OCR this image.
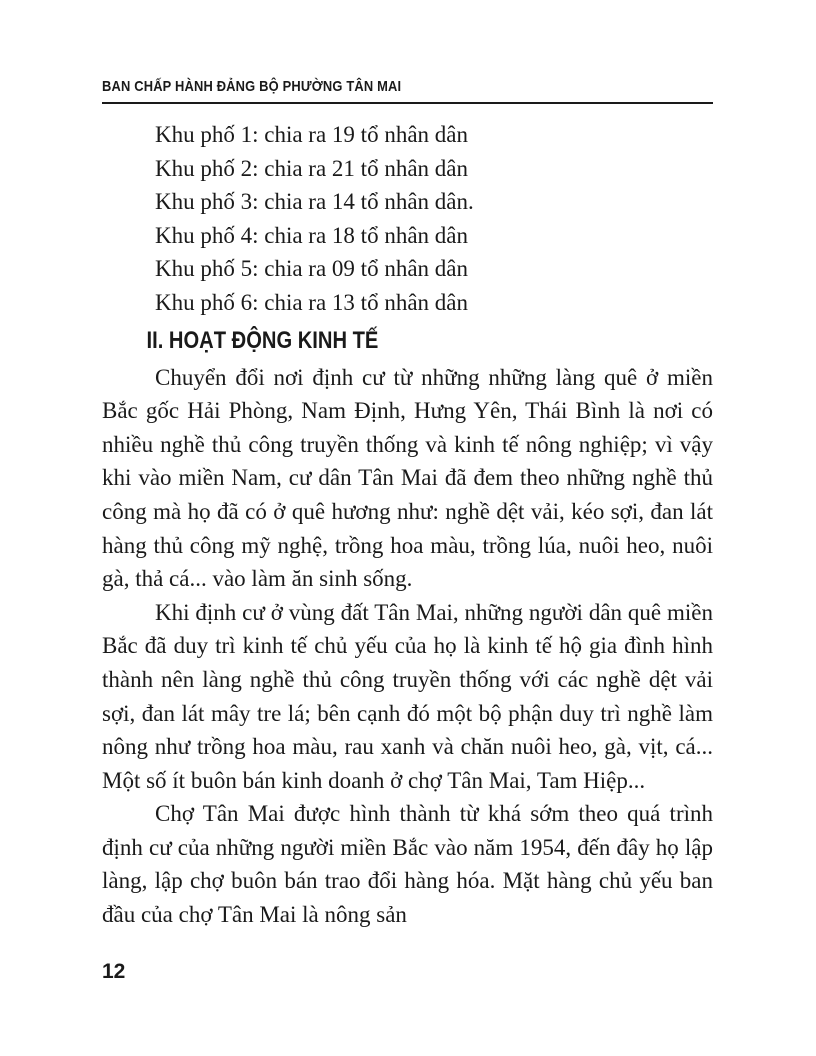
BAN CHẤP HÀNH ĐẢNG BỘ PHƯỜNG TÂN MAI
Khu phố 1: chia ra 19 tổ nhân dân
Khu phố 2: chia ra 21 tổ nhân dân
Khu phố 3: chia ra 14 tổ nhân dân.
Khu phố 4: chia ra 18 tổ nhân dân
Khu phố 5: chia ra 09 tổ nhân dân
Khu phố 6: chia ra 13 tổ nhân dân
II. HOẠT ĐỘNG KINH TẾ

Chuyển đổi nơi định cư từ những những làng quê ở miền Bắc gốc Hải Phòng, Nam Định, Hưng Yên, Thái Bình là nơi có nhiều nghề thủ công truyền thống và kinh tế nông nghiệp; vì vậy khi vào miền Nam, cư dân Tân Mai đã đem theo những nghề thủ công mà họ đã có ở quê hương như: nghề dệt vải, kéo sợi, đan lát hàng thủ công mỹ nghệ, trồng hoa màu, trồng lúa, nuôi heo, nuôi gà, thả cá... vào làm ăn sinh sống.

Khi định cư ở vùng đất Tân Mai, những người dân quê miền Bắc đã duy trì kinh tế chủ yếu của họ là kinh tế hộ gia đình hình thành nên làng nghề thủ công truyền thống với các nghề dệt vải sợi, đan lát mây tre lá; bên cạnh đó một bộ phận duy trì nghề làm nông như trồng hoa màu, rau xanh và chăn nuôi heo, gà, vịt, cá... Một số ít buôn bán kinh doanh ở chợ Tân Mai, Tam Hiệp...

Chợ Tân Mai được hình thành từ khá sớm theo quá trình định cư của những người miền Bắc vào năm 1954, đến đây họ lập làng, lập chợ buôn bán trao đổi hàng hóa. Mặt hàng chủ yếu ban đầu của chợ Tân Mai là nông sản

12
